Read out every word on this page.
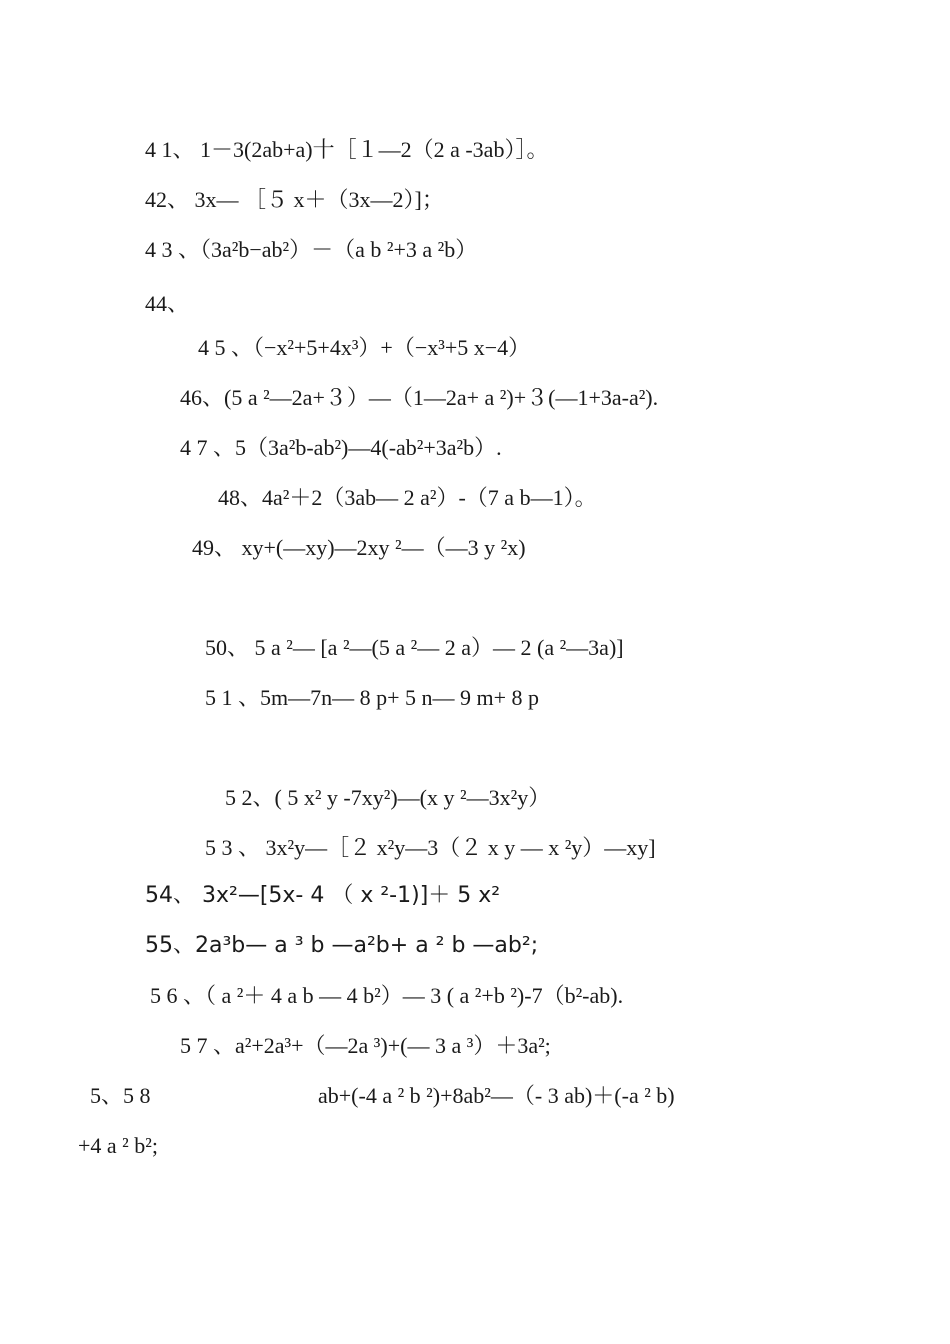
4 1、 1－3(2ab+a)十［１—2（2 a -3ab）］。
42、 3x— ［５ x＋（3x—2）]；
4 3 、（3a²b−ab²）－（a b ²+3 a ²b）
44、
4 5 、（−x²+5+4x³）+（−x³+5 x−4）
46、(5 a ²—2a+３）—（1—2a+ a ²)+３(—1+3a-a²).
4 7 、5（3a²b-ab²)—4(-ab²+3a²b）.
48、4a²＋2（3ab— 2 a²）-（7 a b—1）。
49、 xy+(—xy)—2xy ²—（—3 y ²x)
50、 5 a ²— [a ²—(5 a ²— 2 a）— 2 (a ²—3a)]
5 1 、5m—7n— 8 p+ 5 n— 9 m+ 8 p
5 2、( 5 x² y -7xy²)—(x y ²—3x²y）
5 3 、 3x²y—［２ x²y—3（２ x y — x ²y）—xy]
54、 3x²—[5x- 4 （ x ²-1)]＋ 5 x²
55、2a³b— a ³ b —a²b+ a ² b —ab²;
5 6 、（ a ²＋ 4 a b — 4 b²）— 3 ( a ²+b ²)-7（b²-ab).
5 7 、a²+2a³+（—2a ³)+(— 3 a ³）＋3a²;
5、5 8	ab+(-4 a ² b ²)+8ab²—（- 3 ab)＋(-a ² b)
+4 a ² b²;
